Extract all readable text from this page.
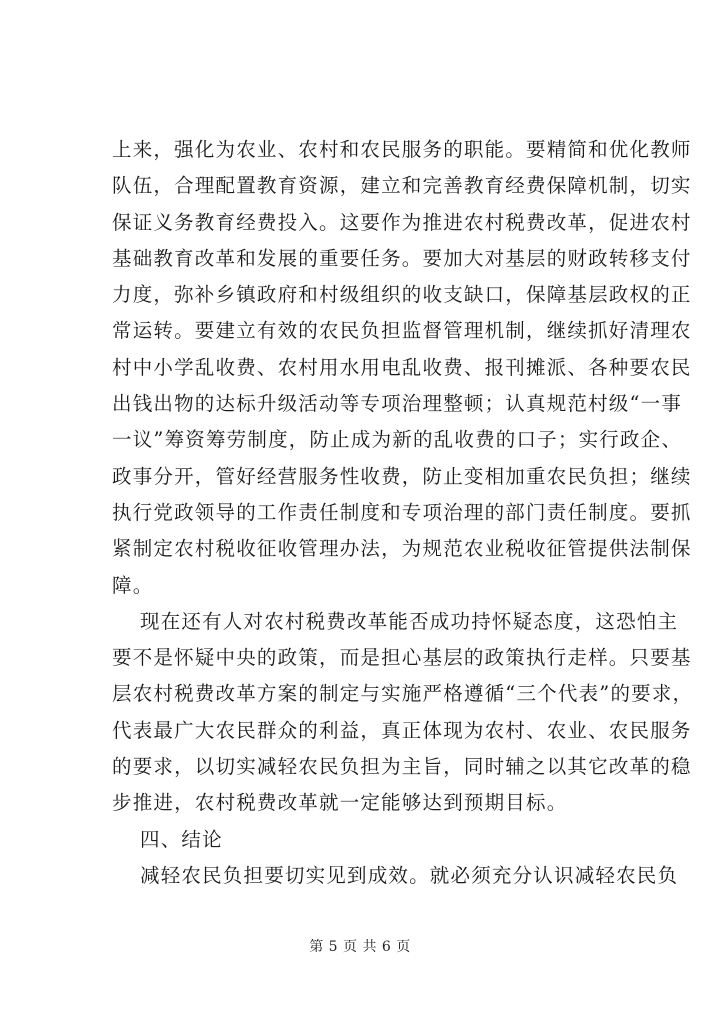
上来，强化为农业、农村和农民服务的职能。要精简和优化教师
队伍，合理配置教育资源，建立和完善教育经费保障机制，切实
保证义务教育经费投入。这要作为推进农村税费改革，促进农村
基础教育改革和发展的重要任务。要加大对基层的财政转移支付
力度，弥补乡镇政府和村级组织的收支缺口，保障基层政权的正
常运转。要建立有效的农民负担监督管理机制，继续抓好清理农
村中小学乱收费、农村用水用电乱收费、报刊摊派、各种要农民
出钱出物的达标升级活动等专项治理整顿；认真规范村级“一事
一议”筹资筹劳制度，防止成为新的乱收费的口子；实行政企、
政事分开，管好经营服务性收费，防止变相加重农民负担；继续
执行党政领导的工作责任制度和专项治理的部门责任制度。要抓
紧制定农村税收征收管理办法，为规范农业税收征管提供法制保
障。
现在还有人对农村税费改革能否成功持怀疑态度，这恐怕主
要不是怀疑中央的政策，而是担心基层的政策执行走样。只要基
层农村税费改革方案的制定与实施严格遵循“三个代表”的要求，
代表最广大农民群众的利益，真正体现为农村、农业、农民服务
的要求，以切实减轻农民负担为主旨，同时辅之以其它改革的稳
步推进，农村税费改革就一定能够达到预期目标。
四、结论
减轻农民负担要切实见到成效。就必须充分认识减轻农民负
第 5 页 共 6 页
